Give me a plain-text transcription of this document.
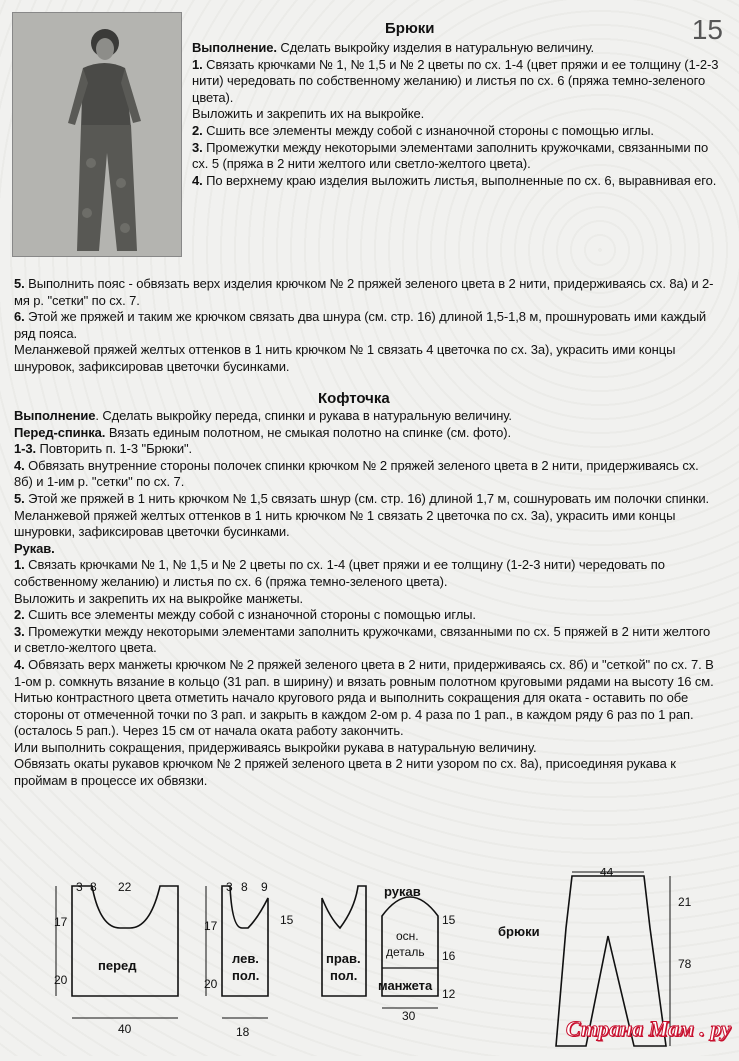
15
Брюки

Выполнение. Сделать выкройку изделия в натуральную величину.

1. Связать крючками № 1, № 1,5 и № 2 цветы по сх. 1-4 (цвет пряжи и ее толщину (1-2-3 нити) чередовать по собственному желанию) и листья по сх. 6 (пряжа темно-зеленого цвета).

Выложить и закрепить их на выкройке.

2. Сшить все элементы между собой с изнаночной стороны с помощью иглы.

3. Промежутки между некоторыми элементами заполнить кружочками, связанными по сх. 5 (пряжа в 2 нити желтого или светло-желтого цвета).

4. По верхнему краю изделия выложить листья, выполненные по сх. 6, выравнивая его.

5. Выполнить пояс - обвязать верх изделия крючком № 2 пряжей зеленого цвета в 2 нити, придерживаясь сх. 8а) и 2-мя р. "сетки" по сх. 7.

6. Этой же пряжей и таким же крючком связать два шнура (см. стр. 16) длиной 1,5-1,8 м, прошнуровать ими каждый ряд пояса.

Меланжевой пряжей желтых оттенков в 1 нить крючком № 1 связать 4 цветочка по сх. 3а), украсить ими концы шнуровок, зафиксировав цветочки бусинками.

Кофточка

Выполнение. Сделать выкройку переда, спинки и рукава в натуральную величину.

Перед-спинка. Вязать единым полотном, не смыкая полотно на спинке (см. фото).

1-3. Повторить п. 1-3 "Брюки".

4. Обвязать внутренние стороны полочек спинки крючком № 2 пряжей зеленого цвета в 2 нити, придерживаясь сх. 8б) и 1-им р. "сетки" по сх. 7.

5. Этой же пряжей в 1 нить крючком № 1,5 связать шнур (см. стр. 16) длиной 1,7 м, сошнуровать им полочки спинки. Меланжевой пряжей желтых оттенков в 1 нить крючком № 1 связать 2 цветочка по сх. 3а), украсить ими концы шнуровки, зафиксировав цветочки бусинками.

Рукав.

1. Связать крючками № 1, № 1,5 и № 2 цветы по сх. 1-4 (цвет пряжи и ее толщину (1-2-3 нити) чередовать по собственному желанию) и листья по сх. 6 (пряжа темно-зеленого цвета).

Выложить и закрепить их на выкройке манжеты.

2. Сшить все элементы между собой с изнаночной стороны с помощью иглы.

3. Промежутки между некоторыми элементами заполнить кружочками, связанными по сх. 5 пряжей в 2 нити желтого и светло-желтого цвета.

4. Обвязать верх манжеты крючком № 2 пряжей зеленого цвета в 2 нити, придерживаясь сх. 8б) и "сеткой" по сх. 7. В 1-ом р. сомкнуть вязание в кольцо (31 рап. в ширину) и вязать ровным полотном круговыми рядами на высоту 16 см.

Нитью контрастного цвета отметить начало кругового ряда и выполнить сокращения для оката - оставить по обе стороны от отмеченной точки по 3 рап. и закрыть в каждом 2-ом р. 4 раза по 1 рап., в каждом ряду 6 раз по 1 рап. (осталось 5 рап.). Через 15 см от начала оката работу закончить.

Или выполнить сокращения, придерживаясь выкройки рукава в натуральную величину.

Обвязать окаты рукавов крючком № 2 пряжей зеленого цвета в 2 нити узором по сх. 8а), присоединяя рукава к проймам в процессе их обвязки.

3 8 22
17
20
перед
40
3 8 9
15
17
20
лев.
пол.
18
прав.
пол.
рукав
осн.
деталь
манжета
15
16
12
30
44
брюки
21
78
Страна Мам . ру
